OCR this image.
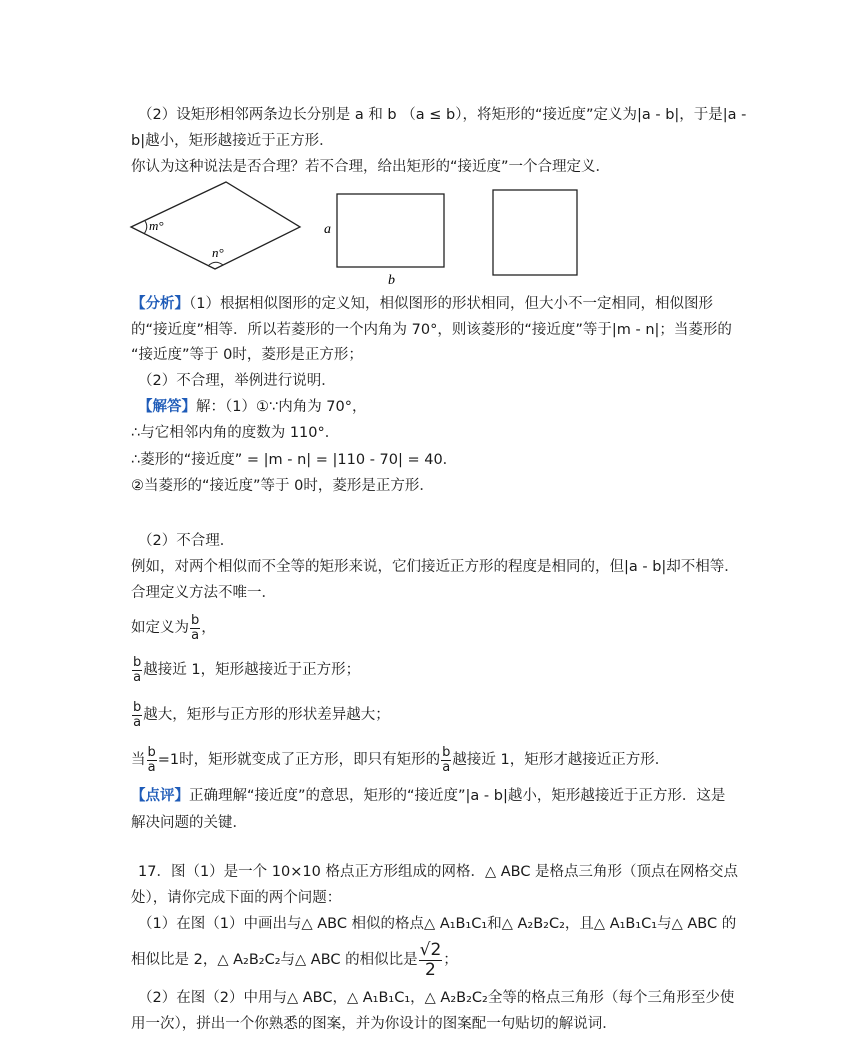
（2）设矩形相邻两条边长分别是 a 和 b （a ≤ b），将矩形的“接近度”定义为|a - b|，于是|a -
b|越小，矩形越接近于正方形．
你认为这种说法是否合理？若不合理，给出矩形的“接近度”一个合理定义．
m°
n°
a
b
【分析】（1）根据相似图形的定义知，相似图形的形状相同，但大小不一定相同，相似图形
的“接近度”相等．所以若菱形的一个内角为 70°，则该菱形的“接近度”等于|m - n|；当菱形的
“接近度”等于 0时，菱形是正方形；
（2）不合理，举例进行说明．
【解答】解：（1）①∵内角为 70°，
∴与它相邻内角的度数为 110°．
∴菱形的“接近度” = |m - n| = |110 - 70| = 40．
②当菱形的“接近度”等于 0时，菱形是正方形．
（2）不合理．
例如，对两个相似而不全等的矩形来说，它们接近正方形的程度是相同的，但|a - b|却不相等．
合理定义方法不唯一．
如定义为 $\frac{b}{a}$ ，
$\frac{b}{a}$ 越接近 1，矩形越接近于正方形；
$\frac{b}{a}$ 越大，矩形与正方形的形状差异越大；
当 $\frac{b}{a} =1$时，矩形就变成了正方形，即只有矩形的 $\frac{b}{a}$ 越接近 1，矩形才越接近正方形．
【点评】正确理解“接近度”的意思，矩形的“接近度”|a - b|越小，矩形越接近于正方形．这是
解决问题的关键．
17．图（1）是一个 10×10 格点正方形组成的网格．△ ABC 是格点三角形（顶点在网格交点
处），请你完成下面的两个问题：
（1）在图（1）中画出与△ ABC 相似的格点△ A₁B₁C₁和△ A₂B₂C₂，且△ A₁B₁C₁与△ ABC 的
相似比是 2，△ A₂B₂C₂与△ ABC 的相似比是 $\frac{√2}{2}$ ；
（2）在图（2）中用与△ ABC，△ A₁B₁C₁，△ A₂B₂C₂全等的格点三角形（每个三角形至少使
用一次），拼出一个你熟悉的图案，并为你设计的图案配一句贴切的解说词．
